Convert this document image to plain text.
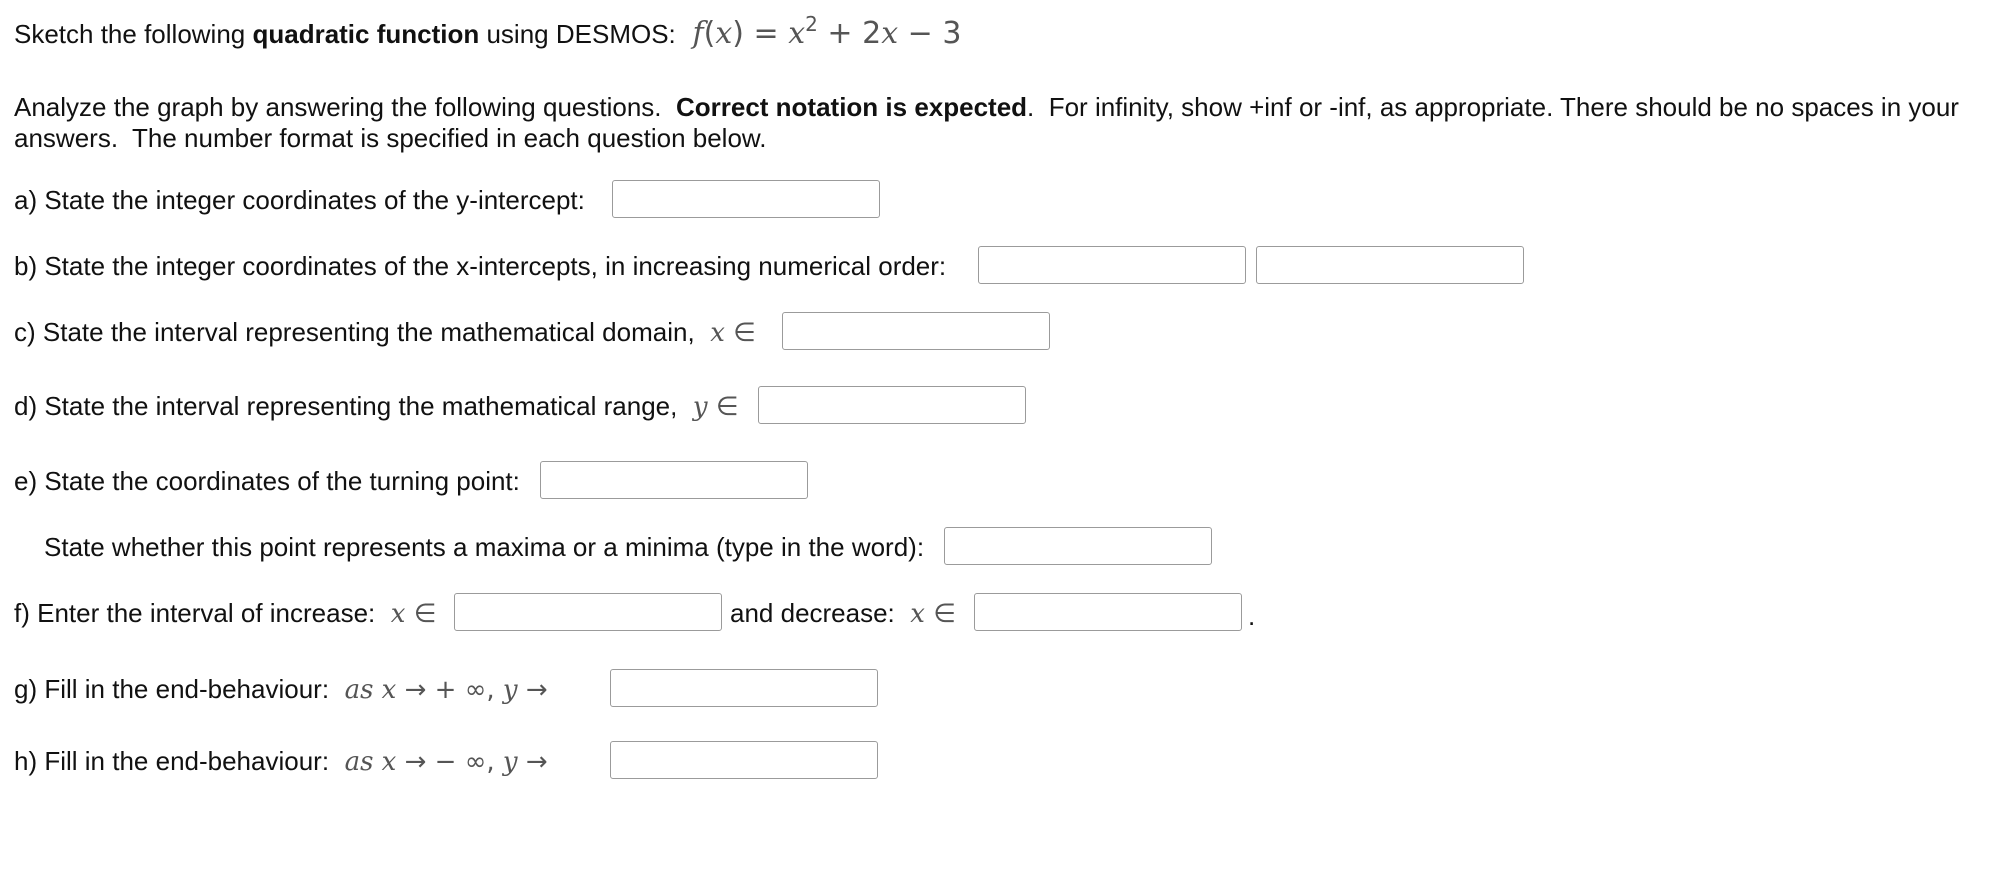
Sketch the following quadratic function using DESMOS: $f(x) = x^2 + 2x - 3$
Analyze the graph by answering the following questions.  Correct notation is expected.  For infinity, show +inf or -inf, as appropriate. There should be no spaces in your answers.  The number format is specified in each question below.
a) State the integer coordinates of the y-intercept:
b) State the integer coordinates of the x-intercepts, in increasing numerical order:
c) State the interval representing the mathematical domain, x ∈
d) State the interval representing the mathematical range, y ∈
e) State the coordinates of the turning point:
State whether this point represents a maxima or a minima (type in the word):
f) Enter the interval of increase: x ∈	and decrease: x ∈	.
g) Fill in the end-behaviour: as x → + ∞, y →
h) Fill in the end-behaviour: as x → − ∞, y →
